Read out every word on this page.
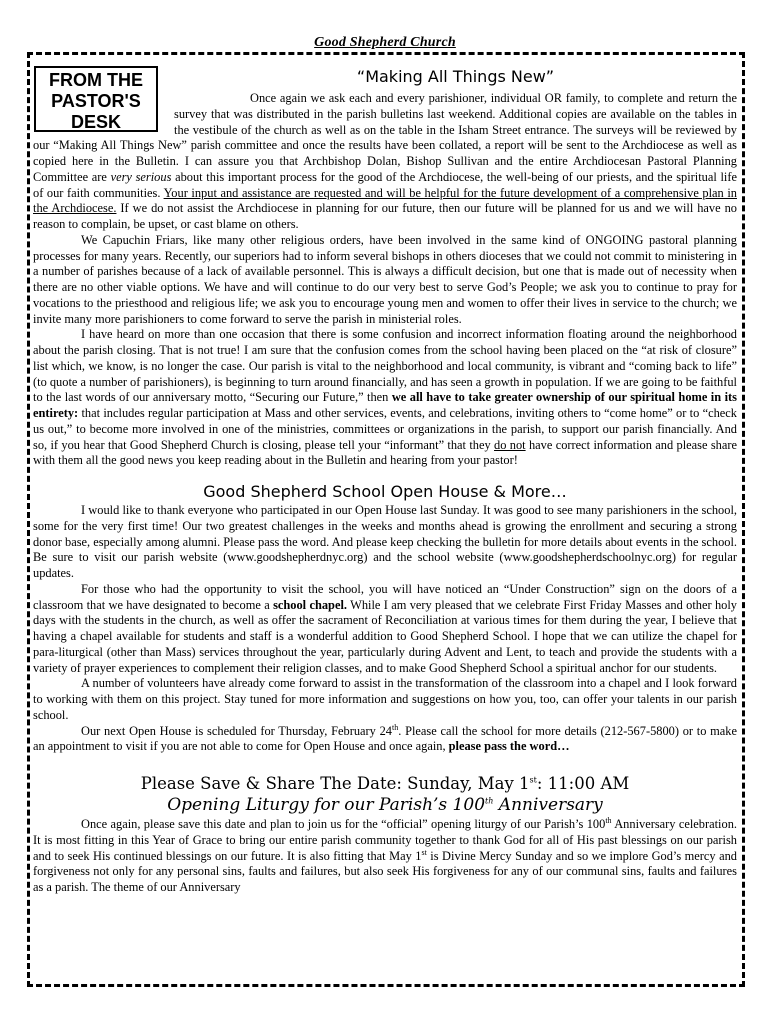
Good Shepherd Church
FROM THE
PASTOR'S
DESK
“Making All Things New”

Once again we ask each and every parishioner, individual OR family, to complete and return the survey that was distributed in the parish bulletins last weekend. Additional copies are available on the tables in the vestibule of the church as well as on the table in the Isham Street entrance. The surveys will be reviewed by our “Making All Things New” parish committee and once the results have been collated, a report will be sent to the Archdiocese as well as copied here in the Bulletin. I can assure you that Archbishop Dolan, Bishop Sullivan and the entire Archdiocesan Pastoral Planning Committee are very serious about this important process for the good of the Archdiocese, the well-being of our priests, and the spiritual life of our faith communities. Your input and assistance are requested and will be helpful for the future development of a comprehensive plan in the Archdiocese. If we do not assist the Archdiocese in planning for our future, then our future will be planned for us and we will have no reason to complain, be upset, or cast blame on others.

We Capuchin Friars, like many other religious orders, have been involved in the same kind of ONGOING pastoral planning processes for many years. Recently, our superiors had to inform several bishops in others dioceses that we could not commit to ministering in a number of parishes because of a lack of available personnel. This is always a difficult decision, but one that is made out of necessity when there are no other viable options. We have and will continue to do our very best to serve God’s People; we ask you to continue to pray for vocations to the priesthood and religious life; we ask you to encourage young men and women to offer their lives in service to the church; we invite many more parishioners to come forward to serve the parish in ministerial roles.

I have heard on more than one occasion that there is some confusion and incorrect information floating around the neighborhood about the parish closing. That is not true! I am sure that the confusion comes from the school having been placed on the “at risk of closure” list which, we know, is no longer the case. Our parish is vital to the neighborhood and local community, is vibrant and “coming back to life” (to quote a number of parishioners), is beginning to turn around financially, and has seen a growth in population. If we are going to be faithful to the last words of our anniversary motto, “Securing our Future,” then we all have to take greater ownership of our spiritual home in its entirety: that includes regular participation at Mass and other services, events, and celebrations, inviting others to “come home” or to “check us out,” to become more involved in one of the ministries, committees or organizations in the parish, to support our parish financially. And so, if you hear that Good Shepherd Church is closing, please tell your “informant” that they do not have correct information and please share with them all the good news you keep reading about in the Bulletin and hearing from your pastor!

Good Shepherd School Open House & More…

I would like to thank everyone who participated in our Open House last Sunday. It was good to see many parishioners in the school, some for the very first time! Our two greatest challenges in the weeks and months ahead is growing the enrollment and securing a strong donor base, especially among alumni. Please pass the word. And please keep checking the bulletin for more details about events in the school. Be sure to visit our parish website (www.goodshepherdnyc.org) and the school website (www.goodshepherdschoolnyc.org) for regular updates.

For those who had the opportunity to visit the school, you will have noticed an “Under Construction” sign on the doors of a classroom that we have designated to become a school chapel. While I am very pleased that we celebrate First Friday Masses and other holy days with the students in the church, as well as offer the sacrament of Reconciliation at various times for them during the year, I believe that having a chapel available for students and staff is a wonderful addition to Good Shepherd School. I hope that we can utilize the chapel for para-liturgical (other than Mass) services throughout the year, particularly during Advent and Lent, to teach and provide the students with a variety of prayer experiences to complement their religion classes, and to make Good Shepherd School a spiritual anchor for our students.

A number of volunteers have already come forward to assist in the transformation of the classroom into a chapel and I look forward to working with them on this project. Stay tuned for more information and suggestions on how you, too, can offer your talents in our parish school.

Our next Open House is scheduled for Thursday, February 24th. Please call the school for more details (212-567-5800) or to make an appointment to visit if you are not able to come for Open House and once again, please pass the word…

Please Save & Share The Date: Sunday, May 1st: 11:00 AM
Opening Liturgy for our Parish’s 100th Anniversary

Once again, please save this date and plan to join us for the “official” opening liturgy of our Parish’s 100th Anniversary celebration. It is most fitting in this Year of Grace to bring our entire parish community together to thank God for all of His past blessings on our parish and to seek His continued blessings on our future. It is also fitting that May 1st is Divine Mercy Sunday and so we implore God’s mercy and forgiveness not only for any personal sins, faults and failures, but also seek His forgiveness for any of our communal sins, faults and failures as a parish. The theme of our Anniversary
